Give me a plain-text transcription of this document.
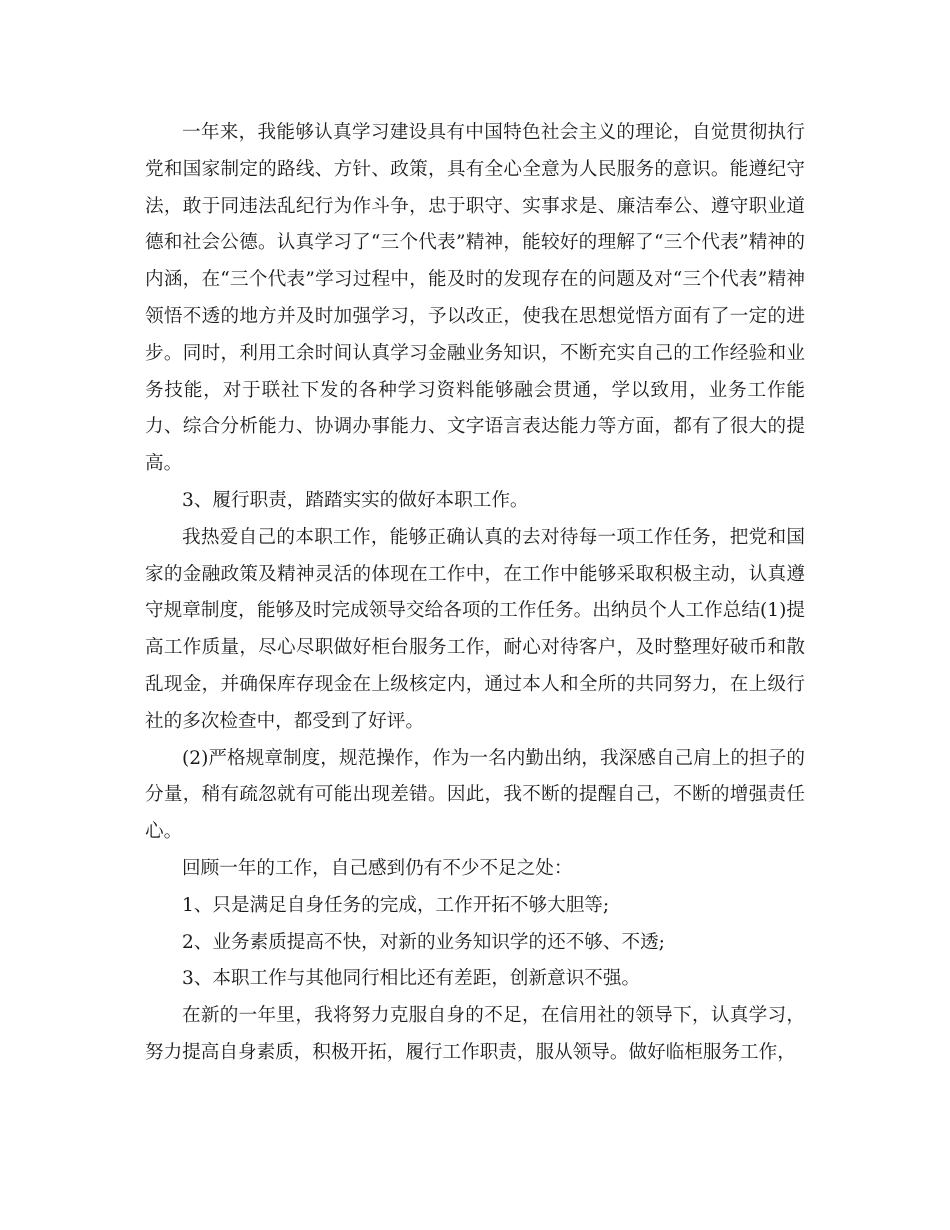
一年来，我能够认真学习建设具有中国特色社会主义的理论，自觉贯彻执行党和国家制定的路线、方针、政策，具有全心全意为人民服务的意识。能遵纪守法，敢于同违法乱纪行为作斗争，忠于职守、实事求是、廉洁奉公、遵守职业道德和社会公德。认真学习了“三个代表”精神，能较好的理解了“三个代表”精神的内涵，在“三个代表”学习过程中，能及时的发现存在的问题及对“三个代表”精神领悟不透的地方并及时加强学习，予以改正，使我在思想觉悟方面有了一定的进步。同时，利用工余时间认真学习金融业务知识，不断充实自己的工作经验和业务技能，对于联社下发的各种学习资料能够融会贯通，学以致用，业务工作能力、综合分析能力、协调办事能力、文字语言表达能力等方面，都有了很大的提高。

3、履行职责，踏踏实实的做好本职工作。

我热爱自己的本职工作，能够正确认真的去对待每一项工作任务，把党和国家的金融政策及精神灵活的体现在工作中，在工作中能够采取积极主动，认真遵守规章制度，能够及时完成领导交给各项的工作任务。出纳员个人工作总结(1)提高工作质量，尽心尽职做好柜台服务工作，耐心对待客户，及时整理好破币和散乱现金，并确保库存现金在上级核定内，通过本人和全所的共同努力，在上级行社的多次检查中，都受到了好评。

(2)严格规章制度，规范操作，作为一名内勤出纳，我深感自己肩上的担子的分量，稍有疏忽就有可能出现差错。因此，我不断的提醒自己，不断的增强责任心。

回顾一年的工作，自己感到仍有不少不足之处：

1、只是满足自身任务的完成，工作开拓不够大胆等;

2、业务素质提高不快，对新的业务知识学的还不够、不透;

3、本职工作与其他同行相比还有差距，创新意识不强。

在新的一年里，我将努力克服自身的不足，在信用社的领导下，认真学习，努力提高自身素质，积极开拓，履行工作职责，服从领导。做好临柜服务工作，
